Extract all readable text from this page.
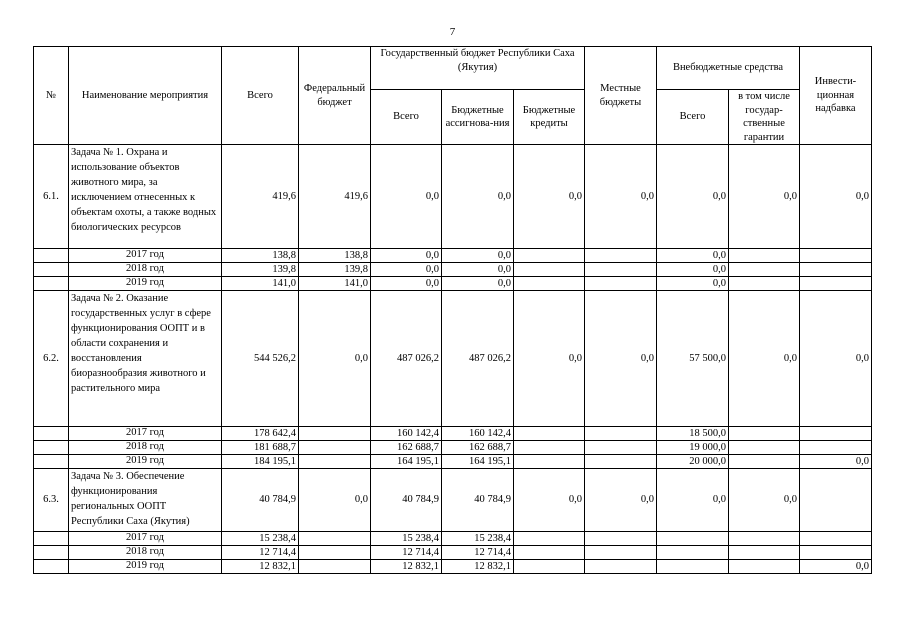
7
№	Наименование мероприятия	Всего	Федеральный бюджет	Государственный бюджет Республики Саха (Якутия)			Местные бюджеты	Внебюджетные средства		Инвести-ционная надбавка
				Всего	Бюджетные ассигнова-ния	Бюджетные кредиты		Всего	в том числе государ-ственные гарантии	
6.1.	Задача № 1. Охрана и использование объектов животного мира, за исключением отнесенных к объектам охоты, а также водных биологических ресурсов	419,6	419,6	0,0	0,0	0,0	0,0	0,0	0,0	0,0
	2017 год	138,8	138,8	0,0	0,0			0,0		
	2018 год	139,8	139,8	0,0	0,0			0,0		
	2019 год	141,0	141,0	0,0	0,0			0,0		
6.2.	Задача № 2. Оказание государственных услуг в сфере функционирования ООПТ и в области сохранения и восстановления биоразнообразия животного и растительного мира	544 526,2	0,0	487 026,2	487 026,2	0,0	0,0	57 500,0	0,0	0,0
	2017 год	178 642,4		160 142,4	160 142,4			18 500,0		
	2018 год	181 688,7		162 688,7	162 688,7			19 000,0		
	2019 год	184 195,1		164 195,1	164 195,1			20 000,0		0,0
6.3.	Задача № 3. Обеспечение функционирования региональных ООПТ Республики Саха (Якутия)	40 784,9	0,0	40 784,9	40 784,9	0,0	0,0	0,0	0,0	
	2017 год	15 238,4		15 238,4	15 238,4					
	2018 год	12 714,4		12 714,4	12 714,4					
	2019 год	12 832,1		12 832,1	12 832,1					0,0
